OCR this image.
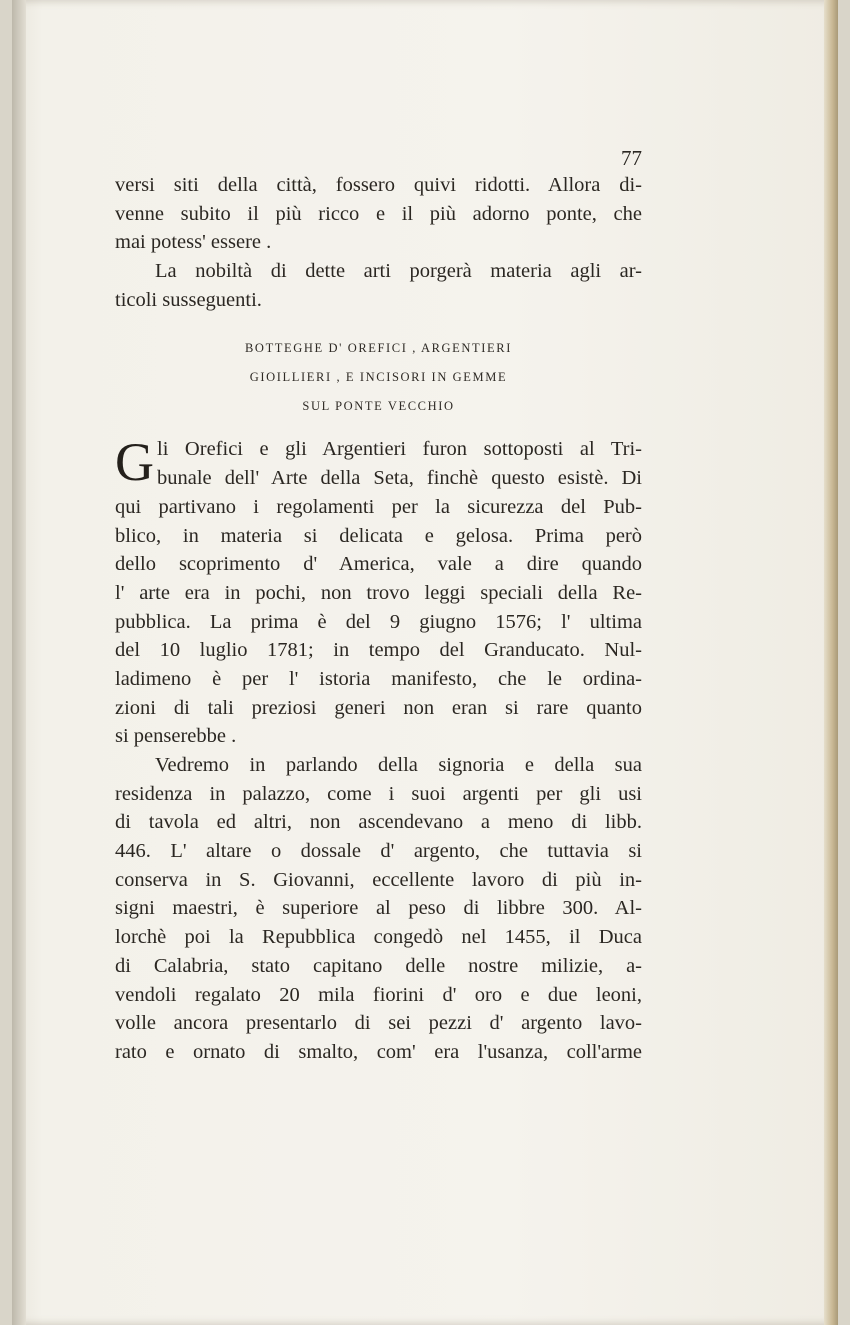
77
versi siti della città, fossero quivi ridotti. Allora di-
venne subito il più ricco e il più adorno ponte, che
mai potess' essere .
La nobiltà di dette arti porgerà materia agli ar-
ticoli susseguenti.
BOTTEGHE D' OREFICI , ARGENTIERI
GIOILLIERI , E INCISORI IN GEMME
SUL PONTE VECCHIO
G li Orefici e gli Argentieri furon sottoposti al Tri-
bunale dell' Arte della Seta, finchè questo esistè. Di
qui partivano i regolamenti per la sicurezza del Pub-
blico, in materia si delicata e gelosa. Prima però
dello scoprimento d' America, vale a dire quando
l' arte era in pochi, non trovo leggi speciali della Re-
pubblica. La prima è del 9 giugno 1576; l' ultima
del 10 luglio 1781; in tempo del Granducato. Nul-
ladimeno è per l' istoria manifesto, che le ordina-
zioni di tali preziosi generi non eran si rare quanto
si penserebbe .
Vedremo in parlando della signoria e della sua
residenza in palazzo, come i suoi argenti per gli usi
di tavola ed altri, non ascendevano a meno di libb.
446. L' altare o dossale d' argento, che tuttavia si
conserva in S. Giovanni, eccellente lavoro di più in-
signi maestri, è superiore al peso di libbre 300. Al-
lorchè poi la Repubblica congedò nel 1455, il Duca
di Calabria, stato capitano delle nostre milizie, a-
vendoli regalato 20 mila fiorini d' oro e due leoni,
volle ancora presentarlo di sei pezzi d' argento lavo-
rato e ornato di smalto, com' era l'usanza, coll'arme
